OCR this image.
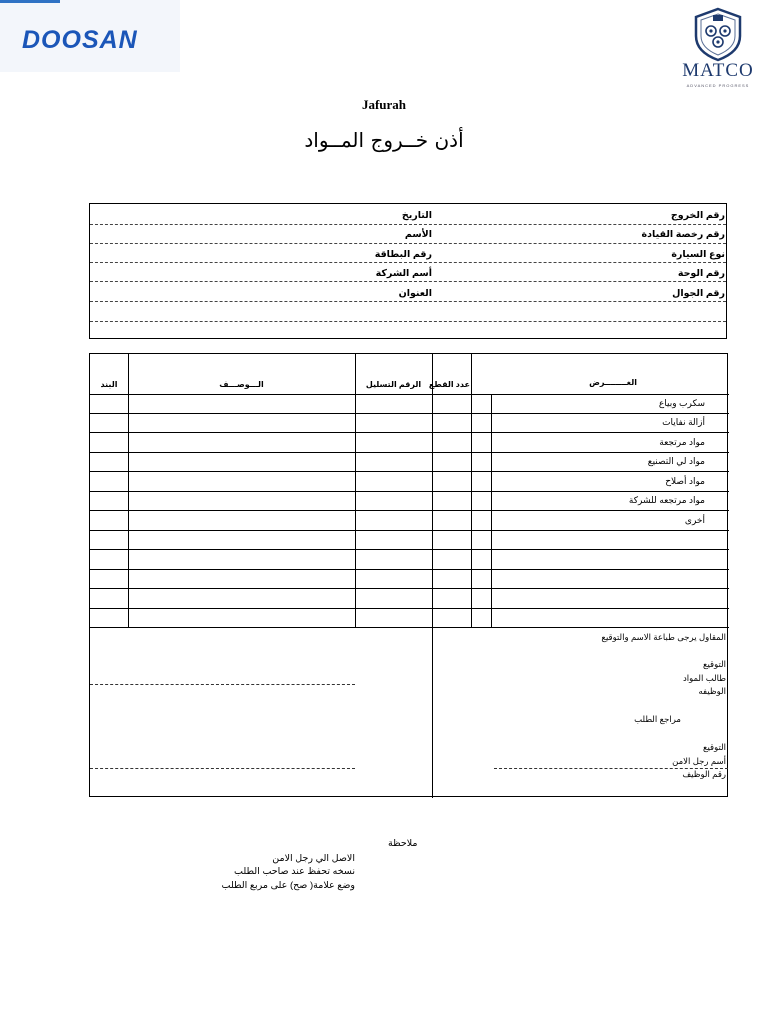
DOOSAN
MATCO
ADVANCED PROGRESS
Jafurah
أذن خــروج المــواد
رقم الخروج
التاريخ
رقم رخصة القيادة
الأسم
نوع السيارة
رقم البطاقة
رقم الوحة
أسم الشركة
رقم الجوال
العنوان
الغــــــــرض
عدد القطع
الرقم التسليل
الـــوصـــف
البند
سكرب وبياع
أزالة نفايات
مواد مرتجعة
مواد لي التصنيع
مواد أصلاح
مواد مرتجعه للشركة
أخرى
المقاول يرجى طباعة الاسم والتوقيع
التوقيع
طالب المواد
الوظيفه
مراجع الطلب
التوقيع
أسم رجل الامن
رقم الوظيف
ملاحظة
الاصل الي رجل الامن
نسخه تحفظ عند صاحب الطلب
وضع علامة( صح) على مربع الطلب
